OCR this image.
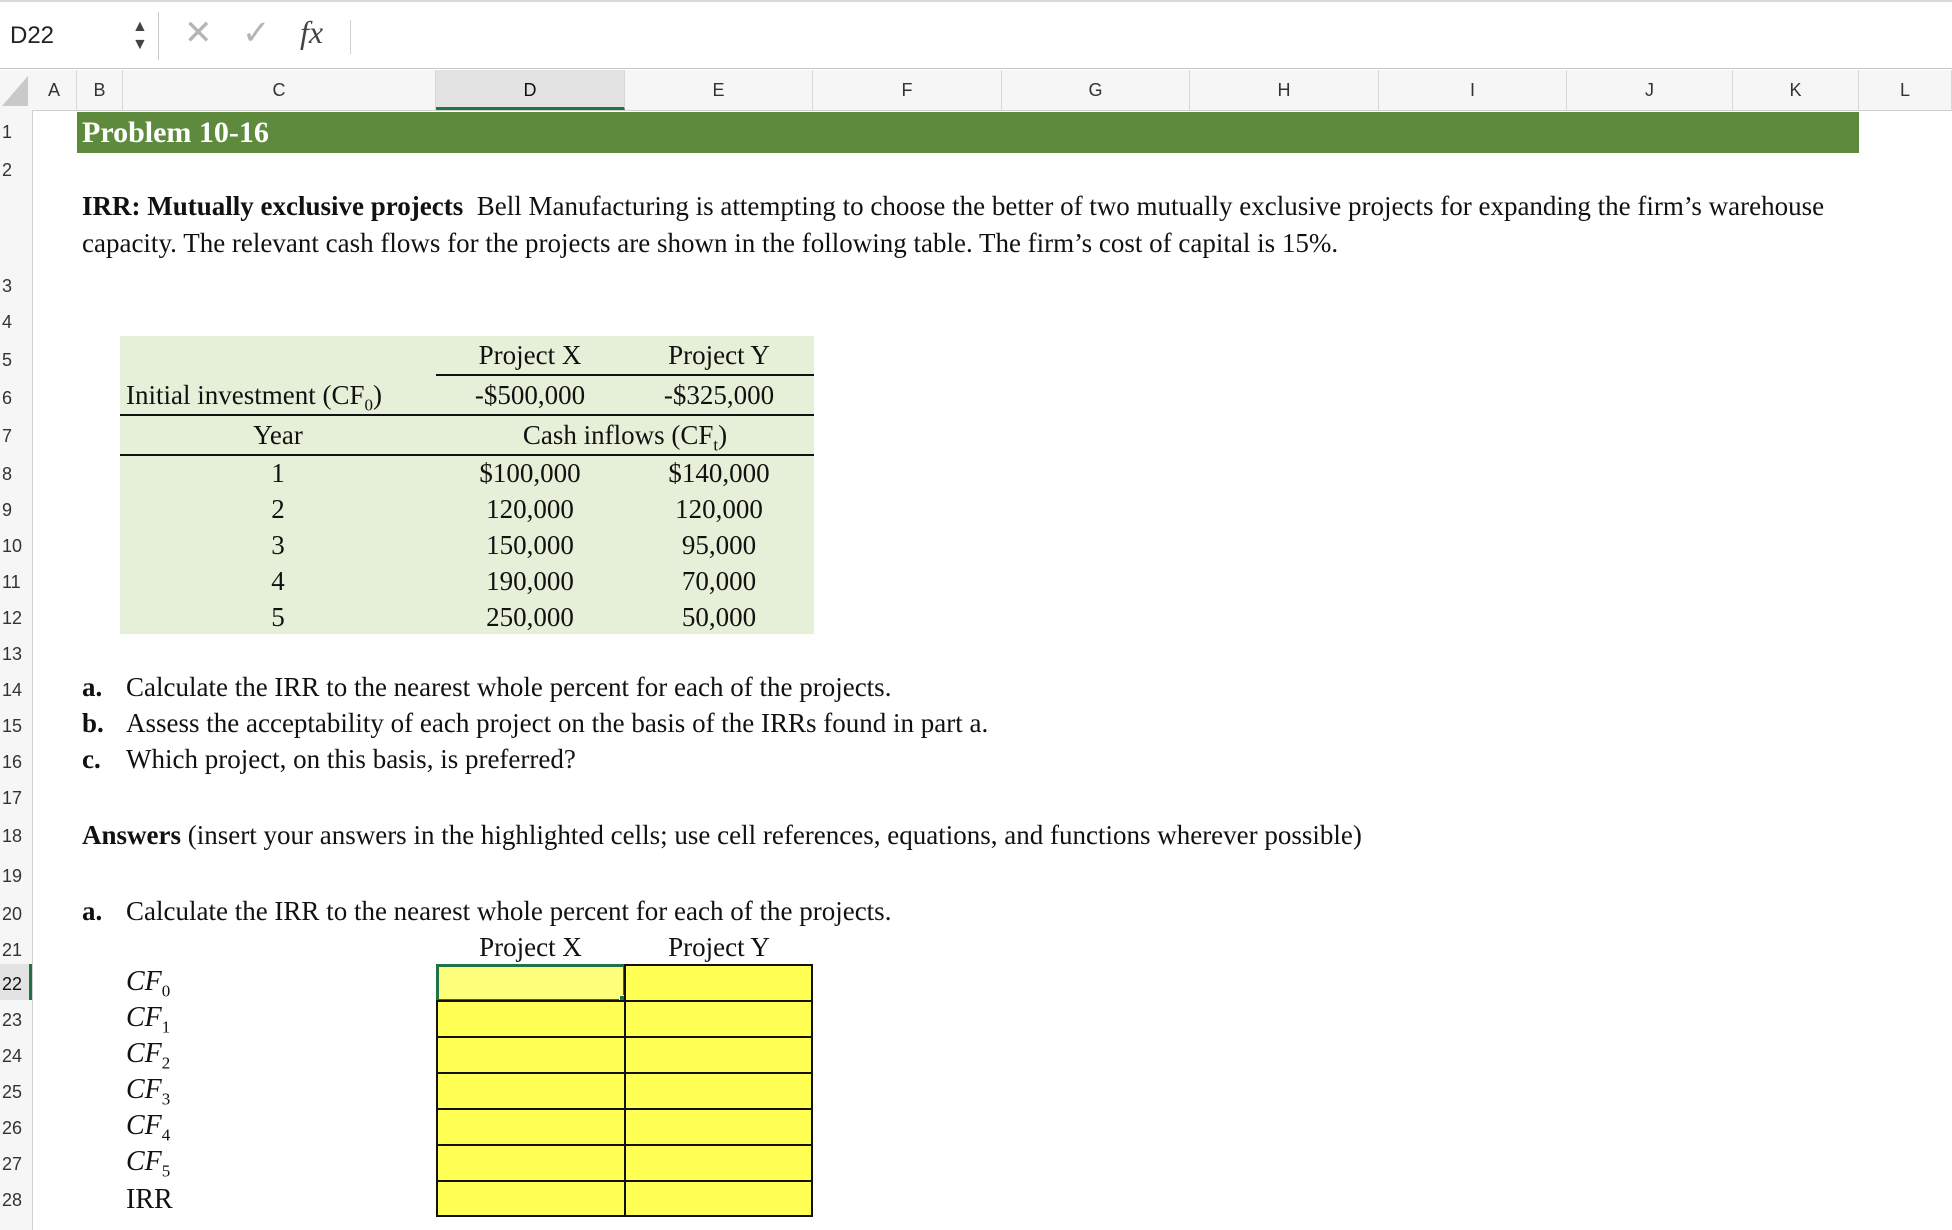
D22	▲
▼ ✕ ✓ fx
A	B	C	D	E	F	G	H	I	J	K	L
1
2
3
4
5
6
7
8
9
10
11
12
13
14
15
16
17
18
19
20
21
22
23
24
25
26
27
28
Problem 10-16
IRR: Mutually exclusive projects Bell Manufacturing is attempting to choose the better of two mutually exclusive projects for expanding the firm’s warehouse capacity. The relevant cash flows for the projects are shown in the following table. The firm’s cost of capital is 15%.
Project X	Project Y
Initial investment $(CF_0)$	-$500,000	-$325,000
Year	Cash inflows $(CF_t)$
1	$100,000	$140,000
2	120,000	120,000
3	150,000	95,000
4	190,000	70,000
5	250,000	50,000
a. Calculate the IRR to the nearest whole percent for each of the projects.
b. Assess the acceptability of each project on the basis of the IRRs found in part a.
c. Which project, on this basis, is preferred?
Answers (insert your answers in the highlighted cells; use cell references, equations, and functions wherever possible)
a. Calculate the IRR to the nearest whole percent for each of the projects.
Project X	Project Y
$CF_0$
$CF_1$
$CF_2$
$CF_3$
$CF_4$
$CF_5$
IRR
